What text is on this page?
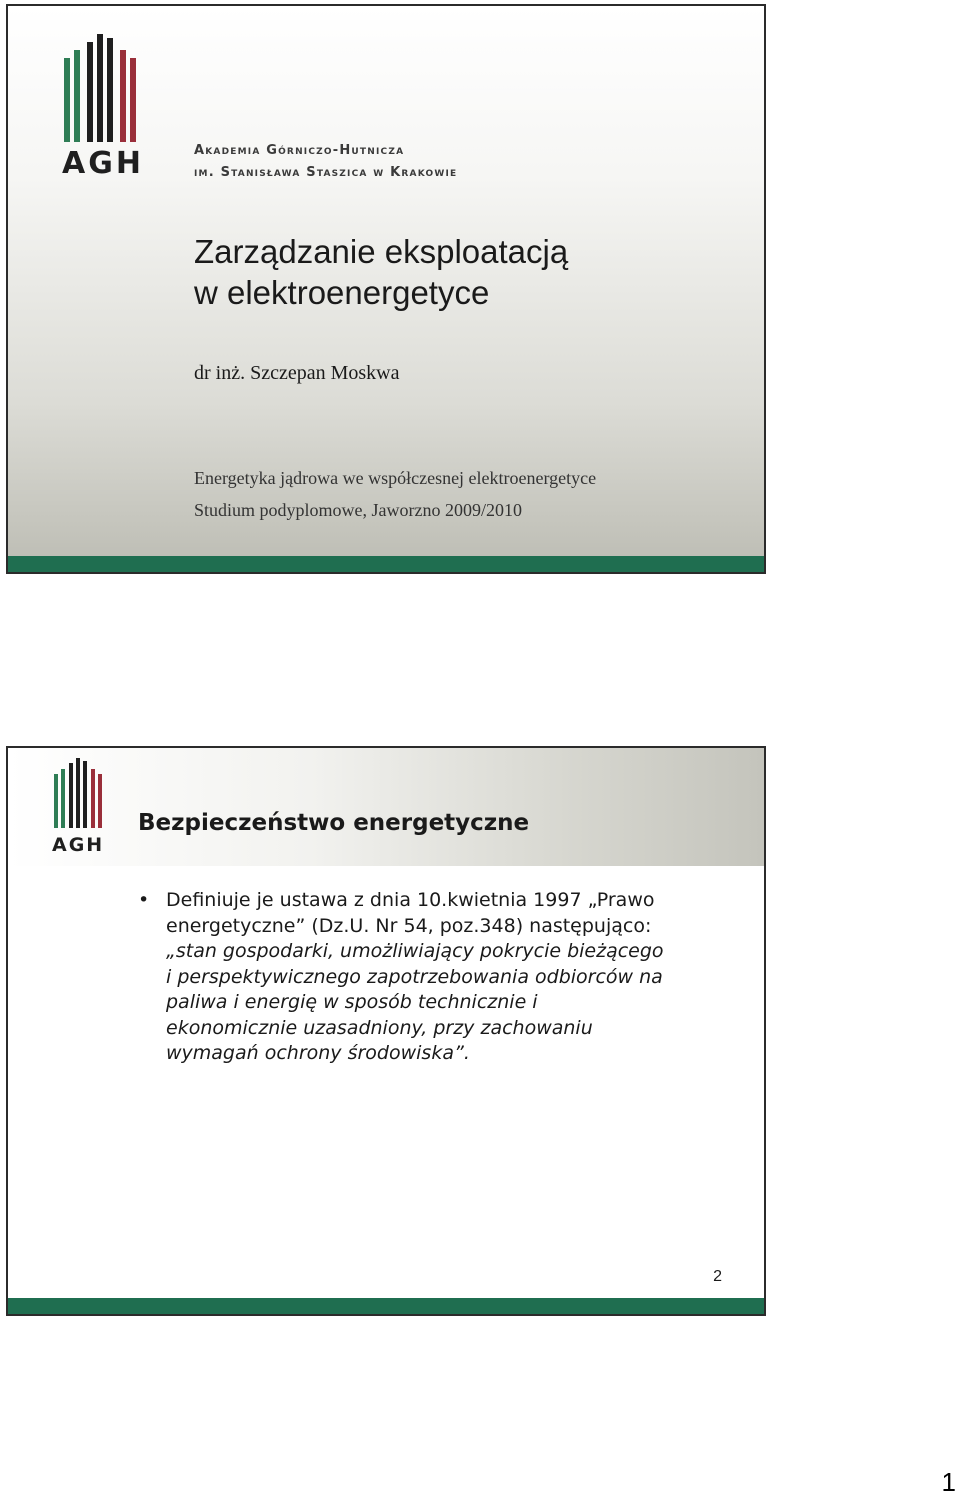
AGH	Akademia Górniczo-Hutnicza
im. Stanisława Staszica w Krakowie
Zarządzanie eksploatacją
w elektroenergetyce
dr inż. Szczepan Moskwa
Energetyka jądrowa we współczesnej elektroenergetyce
Studium podyplomowe, Jaworzno 2009/2010
AGH
Bezpieczeństwo energetyczne
• Definiuje je ustawa z dnia 10.kwietnia 1997 „Prawo
energetyczne” (Dz.U. Nr 54, poz.348) następująco:
„stan gospodarki, umożliwiający pokrycie bieżącego
i perspektywicznego zapotrzebowania odbiorców na
paliwa i energię w sposób technicznie i
ekonomicznie uzasadniony, przy zachowaniu
wymagań ochrony środowiska”.
2
1
